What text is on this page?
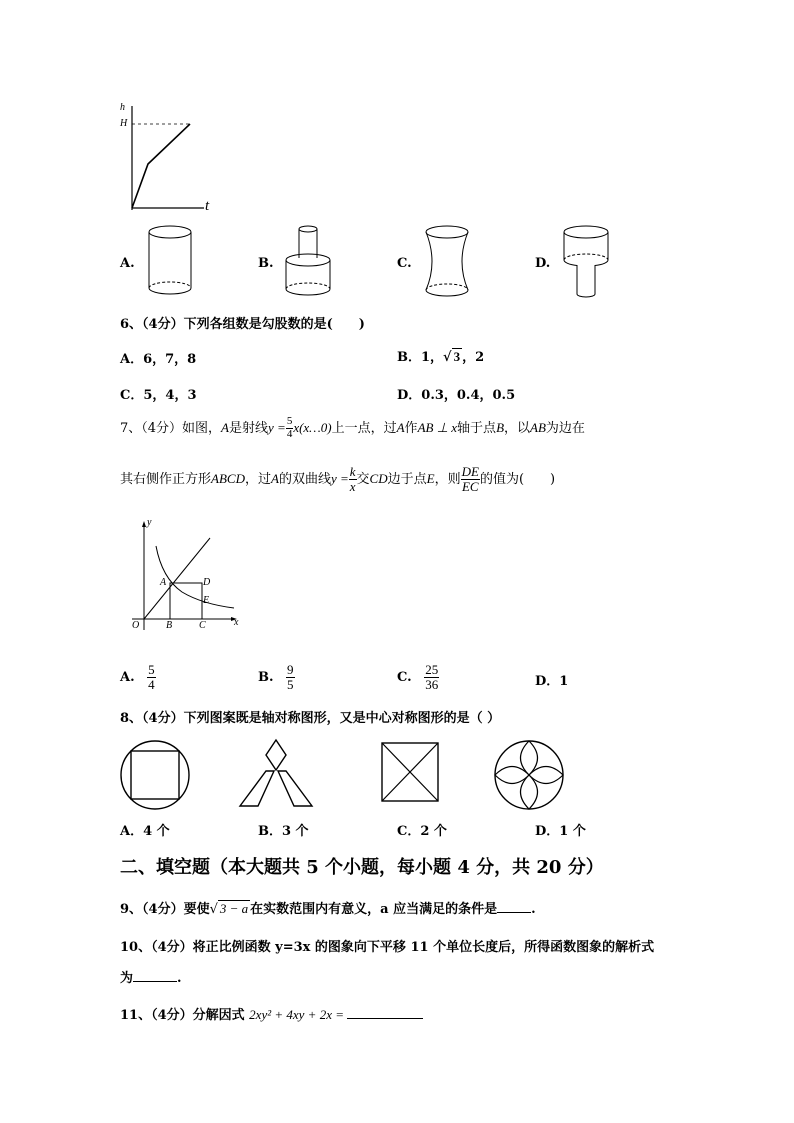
h
H
t
A.	B.	C.	D.
6、（4分）下列各组数是勾股数的是(　　)
A．6，7，8	B．1，√ 3 ，2
C．5，4，3	D．0.3，0.4，0.5
7、（4分）如图，A是射线$y = \frac{5}{4}$ x(x…0)上一点，过A作AB ⊥ x轴于点B，以AB为边在
其右侧作正方形ABCD，过A的双曲线$y = \frac{k}{x}$ 交CD边于点E，则 $\frac{DE}{EC}$ 的值为(　　)
y
x
O	B	C
A	D
E
A. $\frac{5}{4}$	B. $\frac{9}{5}$	C. $\frac{25}{36}$	D．1
8、（4分）下列图案既是轴对称图形，又是中心对称图形的是（ ）
A．4 个	B．3 个	C．2 个	D．1 个
二、填空题（本大题共 5 个小题，每小题 4 分，共 20 分）
9、（4分）要使√ 3 − a 在实数范围内有意义，a 应当满足的条件是	.
10、（4分）将正比例函数 y=3x 的图象向下平移 11 个单位长度后，所得函数图象的解析式
为	.
11、（4分）分解因式 2xy² + 4xy + 2x =
